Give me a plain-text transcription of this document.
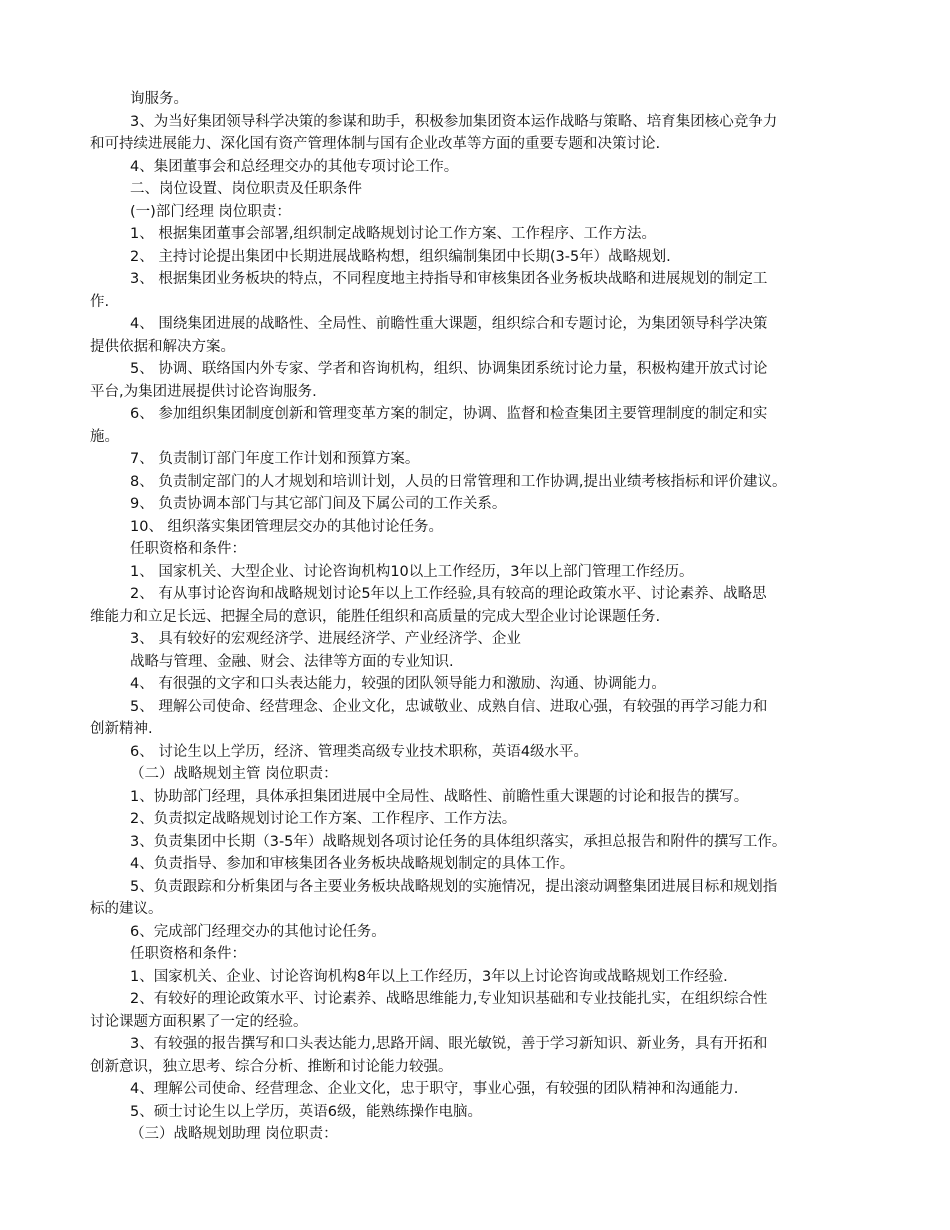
询服务。
3、为当好集团领导科学决策的参谋和助手，积极参加集团资本运作战略与策略、培育集团核心竞争力
和可持续进展能力、深化国有资产管理体制与国有企业改革等方面的重要专题和决策讨论.
4、集团董事会和总经理交办的其他专项讨论工作。
二、岗位设置、岗位职责及任职条件
(一)部门经理 岗位职责：
1、 根据集团董事会部署,组织制定战略规划讨论工作方案、工作程序、工作方法。
2、 主持讨论提出集团中长期进展战略构想，组织编制集团中长期(3-5年）战略规划.
3、 根据集团业务板块的特点，不同程度地主持指导和审核集团各业务板块战略和进展规划的制定工
作.
4、 围绕集团进展的战略性、全局性、前瞻性重大课题，组织综合和专题讨论，为集团领导科学决策
提供依据和解决方案。
5、 协调、联络国内外专家、学者和咨询机构，组织、协调集团系统讨论力量，积极构建开放式讨论
平台,为集团进展提供讨论咨询服务.
6、 参加组织集团制度创新和管理变革方案的制定，协调、监督和检查集团主要管理制度的制定和实
施。
7、 负责制订部门年度工作计划和预算方案。
8、 负责制定部门的人才规划和培训计划，人员的日常管理和工作协调,提出业绩考核指标和评价建议。
9、 负责协调本部门与其它部门间及下属公司的工作关系。
10、 组织落实集团管理层交办的其他讨论任务。
任职资格和条件：
1、 国家机关、大型企业、讨论咨询机构10以上工作经历，3年以上部门管理工作经历。
2、 有从事讨论咨询和战略规划讨论5年以上工作经验,具有较高的理论政策水平、讨论素养、战略思
维能力和立足长远、把握全局的意识，能胜任组织和高质量的完成大型企业讨论课题任务.
3、 具有较好的宏观经济学、进展经济学、产业经济学、企业
战略与管理、金融、财会、法律等方面的专业知识.
4、 有很强的文字和口头表达能力，较强的团队领导能力和激励、沟通、协调能力。
5、 理解公司使命、经营理念、企业文化，忠诚敬业、成熟自信、进取心强，有较强的再学习能力和
创新精神.
6、 讨论生以上学历，经济、管理类高级专业技术职称，英语4级水平。
（二）战略规划主管 岗位职责：
1、协助部门经理，具体承担集团进展中全局性、战略性、前瞻性重大课题的讨论和报告的撰写。
2、负责拟定战略规划讨论工作方案、工作程序、工作方法。
3、负责集团中长期（3-5年）战略规划各项讨论任务的具体组织落实，承担总报告和附件的撰写工作。
4、负责指导、参加和审核集团各业务板块战略规划制定的具体工作。
5、负责跟踪和分析集团与各主要业务板块战略规划的实施情况，提出滚动调整集团进展目标和规划指
标的建议。
6、完成部门经理交办的其他讨论任务。
任职资格和条件：
1、国家机关、企业、讨论咨询机构8年以上工作经历，3年以上讨论咨询或战略规划工作经验.
2、有较好的理论政策水平、讨论素养、战略思维能力,专业知识基础和专业技能扎实，在组织综合性
讨论课题方面积累了一定的经验。
3、有较强的报告撰写和口头表达能力,思路开阔、眼光敏锐，善于学习新知识、新业务，具有开拓和
创新意识，独立思考、综合分析、推断和讨论能力较强。
4、理解公司使命、经营理念、企业文化，忠于职守，事业心强，有较强的团队精神和沟通能力.
5、硕士讨论生以上学历，英语6级，能熟练操作电脑。
（三）战略规划助理 岗位职责：
